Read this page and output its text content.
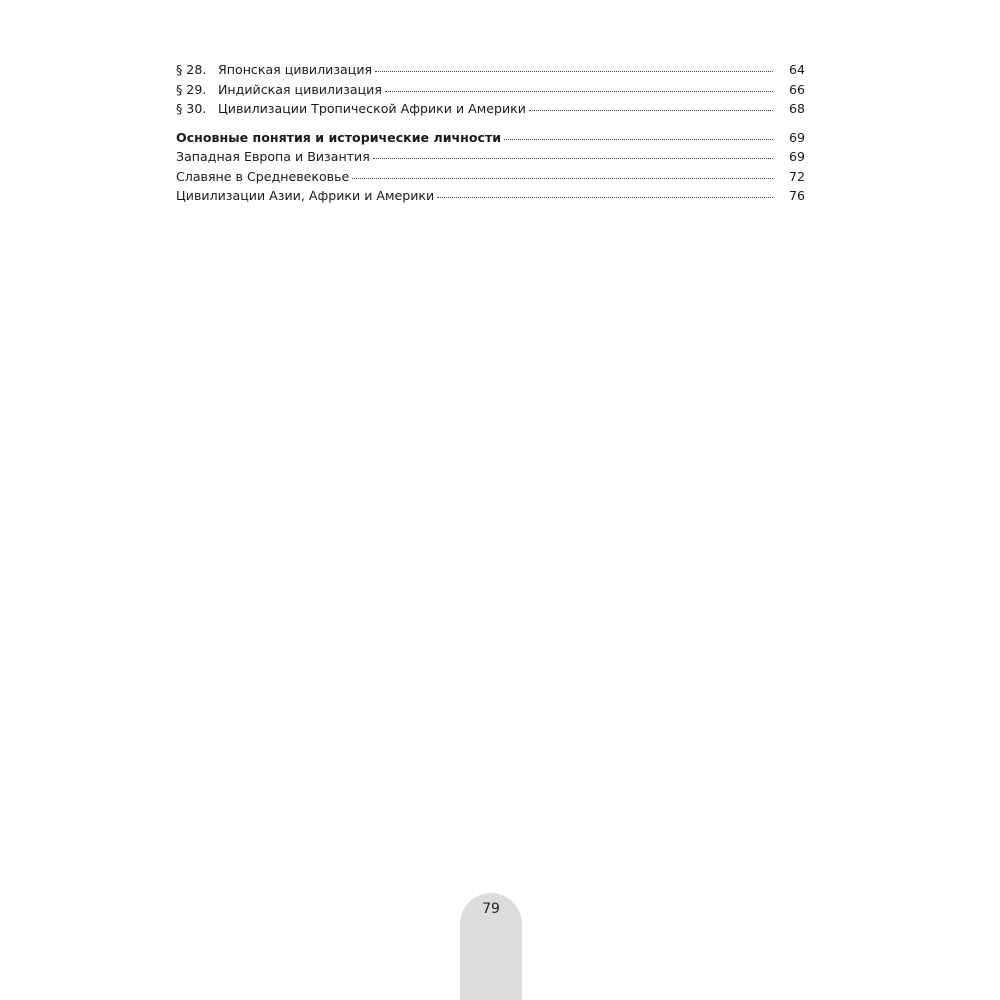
§ 28. Японская цивилизация	64
§ 29. Индийская цивилизация	66
§ 30. Цивилизации Тропической Африки и Америки	68
Основные понятия и исторические личности	69
Западная Европа и Византия	69
Славяне в Средневековье	72
Цивилизации Азии, Африки и Америки	76
79
